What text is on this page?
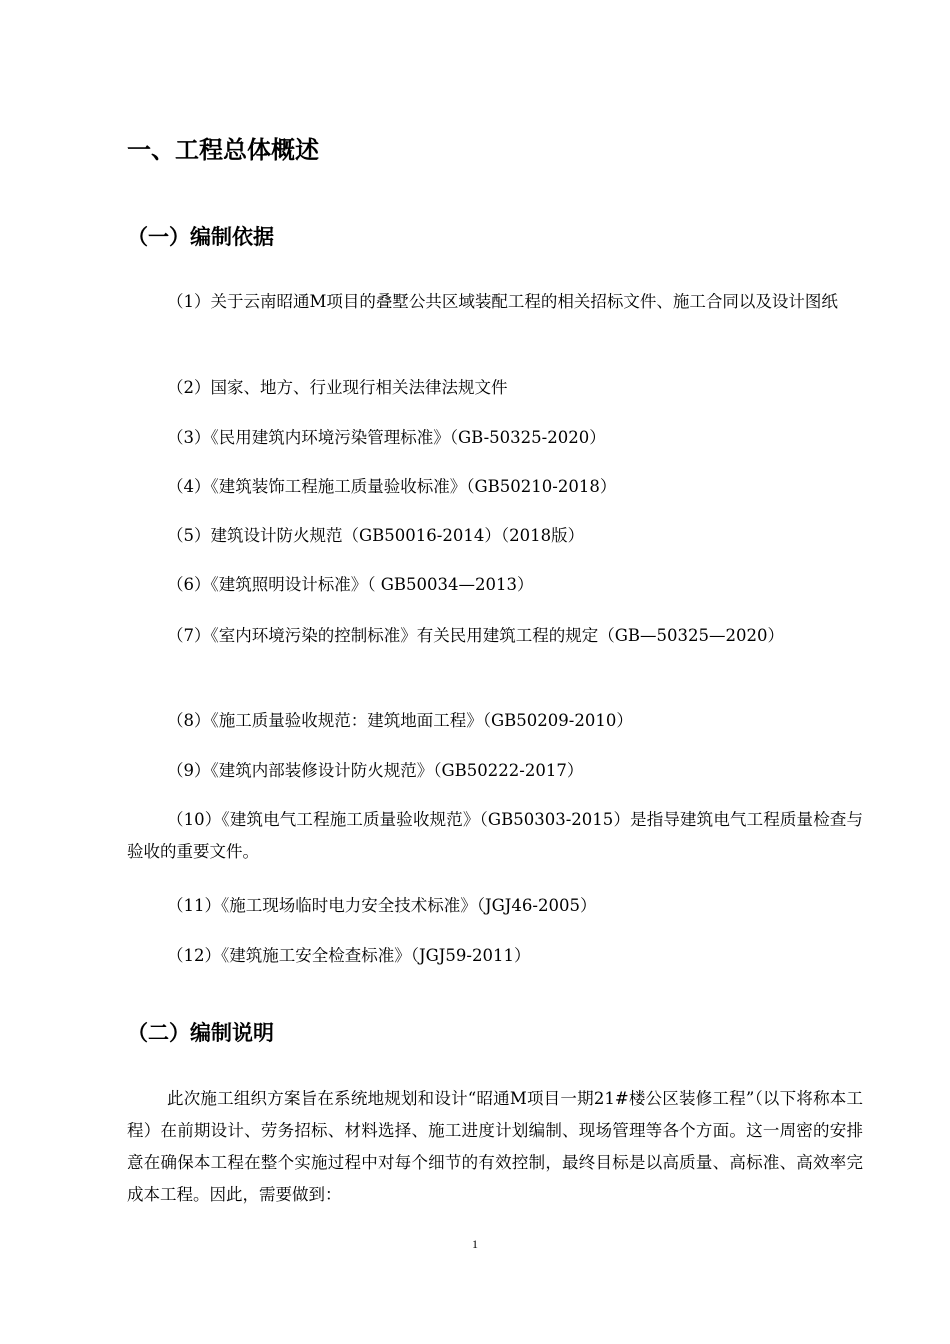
一、工程总体概述
（一）编制依据
（1）关于云南昭通M项目的叠墅公共区域装配工程的相关招标文件、施工合同以及设计图纸
（2）国家、地方、行业现行相关法律法规文件
（3）《民用建筑内环境污染管理标准》（GB-50325-2020）
（4）《建筑装饰工程施工质量验收标准》（GB50210-2018）
（5）建筑设计防火规范（GB50016-2014）（2018版）
（6）《建筑照明设计标准》（ GB50034—2013）
（7）《室内环境污染的控制标准》有关民用建筑工程的规定（GB—50325—2020）
（8）《施工质量验收规范：建筑地面工程》（GB50209-2010）
（9）《建筑内部装修设计防火规范》（GB50222-2017）
（10）《建筑电气工程施工质量验收规范》（GB50303-2015）是指导建筑电气工程质量检查与验收的重要文件。
（11）《施工现场临时电力安全技术标准》（JGJ46-2005）
（12）《建筑施工安全检查标准》（JGJ59-2011）
（二）编制说明
此次施工组织方案旨在系统地规划和设计“昭通M项目一期21#楼公区装修工程”（以下将称本工程）在前期设计、劳务招标、材料选择、施工进度计划编制、现场管理等各个方面。这一周密的安排意在确保本工程在整个实施过程中对每个细节的有效控制，最终目标是以高质量、高标准、高效率完成本工程。因此，需要做到：
1
